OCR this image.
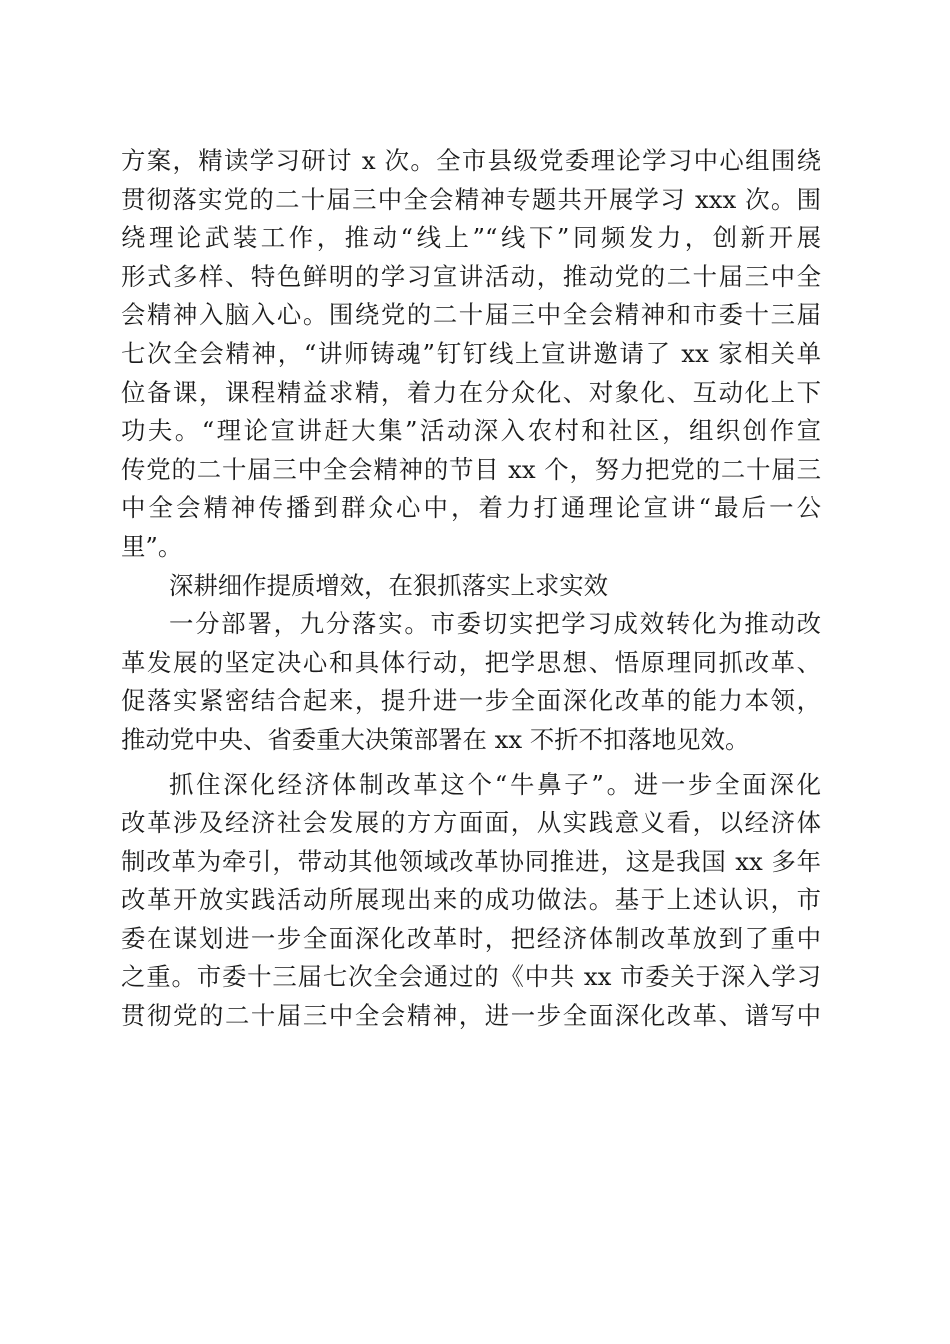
方案，精读学习研讨 x 次。全市县级党委理论学习中心组围绕
贯彻落实党的二十届三中全会精神专题共开展学习 xxx 次。围
绕理论武装工作，推动“线上”“线下”同频发力，创新开展
形式多样、特色鲜明的学习宣讲活动，推动党的二十届三中全
会精神入脑入心。围绕党的二十届三中全会精神和市委十三届
七次全会精神，“讲师铸魂”钉钉线上宣讲邀请了 xx 家相关单
位备课，课程精益求精，着力在分众化、对象化、互动化上下
功夫。“理论宣讲赶大集”活动深入农村和社区，组织创作宣
传党的二十届三中全会精神的节目 xx 个，努力把党的二十届三
中全会精神传播到群众心中，着力打通理论宣讲“最后一公
里”。
深耕细作提质增效，在狠抓落实上求实效
一分部署，九分落实。市委切实把学习成效转化为推动改
革发展的坚定决心和具体行动，把学思想、悟原理同抓改革、
促落实紧密结合起来，提升进一步全面深化改革的能力本领，
推动党中央、省委重大决策部署在 xx 不折不扣落地见效。
抓住深化经济体制改革这个“牛鼻子”。进一步全面深化
改革涉及经济社会发展的方方面面，从实践意义看，以经济体
制改革为牵引，带动其他领域改革协同推进，这是我国 xx 多年
改革开放实践活动所展现出来的成功做法。基于上述认识，市
委在谋划进一步全面深化改革时，把经济体制改革放到了重中
之重。市委十三届七次全会通过的《中共 xx 市委关于深入学习
贯彻党的二十届三中全会精神，进一步全面深化改革、谱写中
